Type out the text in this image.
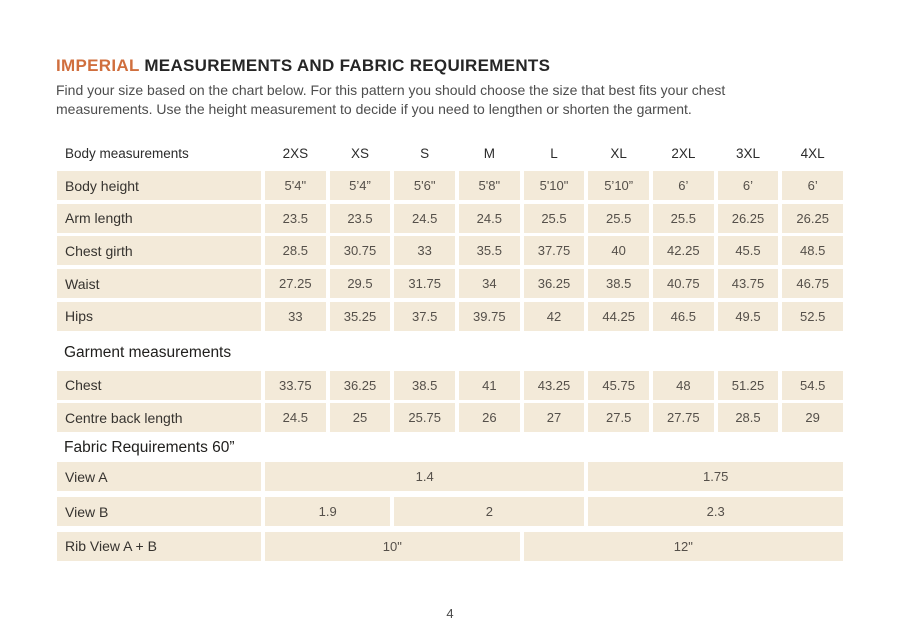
IMPERIAL MEASUREMENTS AND FABRIC REQUIREMENTS
Find your size based on the chart below. For this pattern you should choose the size that best fits your chest
measurements. Use the height measurement to decide if you need to lengthen or shorten the garment.
Body measurements	2XS	XS	S	M	L	XL	2XL	3XL	4XL
Body height	5'4"	5’4”	5'6"	5'8"	5'10"	5’10”	6’	6’	6’
Arm length	23.5	23.5	24.5	24.5	25.5	25.5	25.5	26.25	26.25
Chest girth	28.5	30.75	33	35.5	37.75	40	42.25	45.5	48.5
Waist	27.25	29.5	31.75	34	36.25	38.5	40.75	43.75	46.75
Hips	33	35.25	37.5	39.75	42	44.25	46.5	49.5	52.5
Garment measurements
Chest	33.75	36.25	38.5	41	43.25	45.75	48	51.25	54.5
Centre back length	24.5	25	25.75	26	27	27.5	27.75	28.5	29
Fabric Requirements 60”
View A	1.4	1.75
View B	1.9	2	2.3
Rib View A + B	10"	12"
4
